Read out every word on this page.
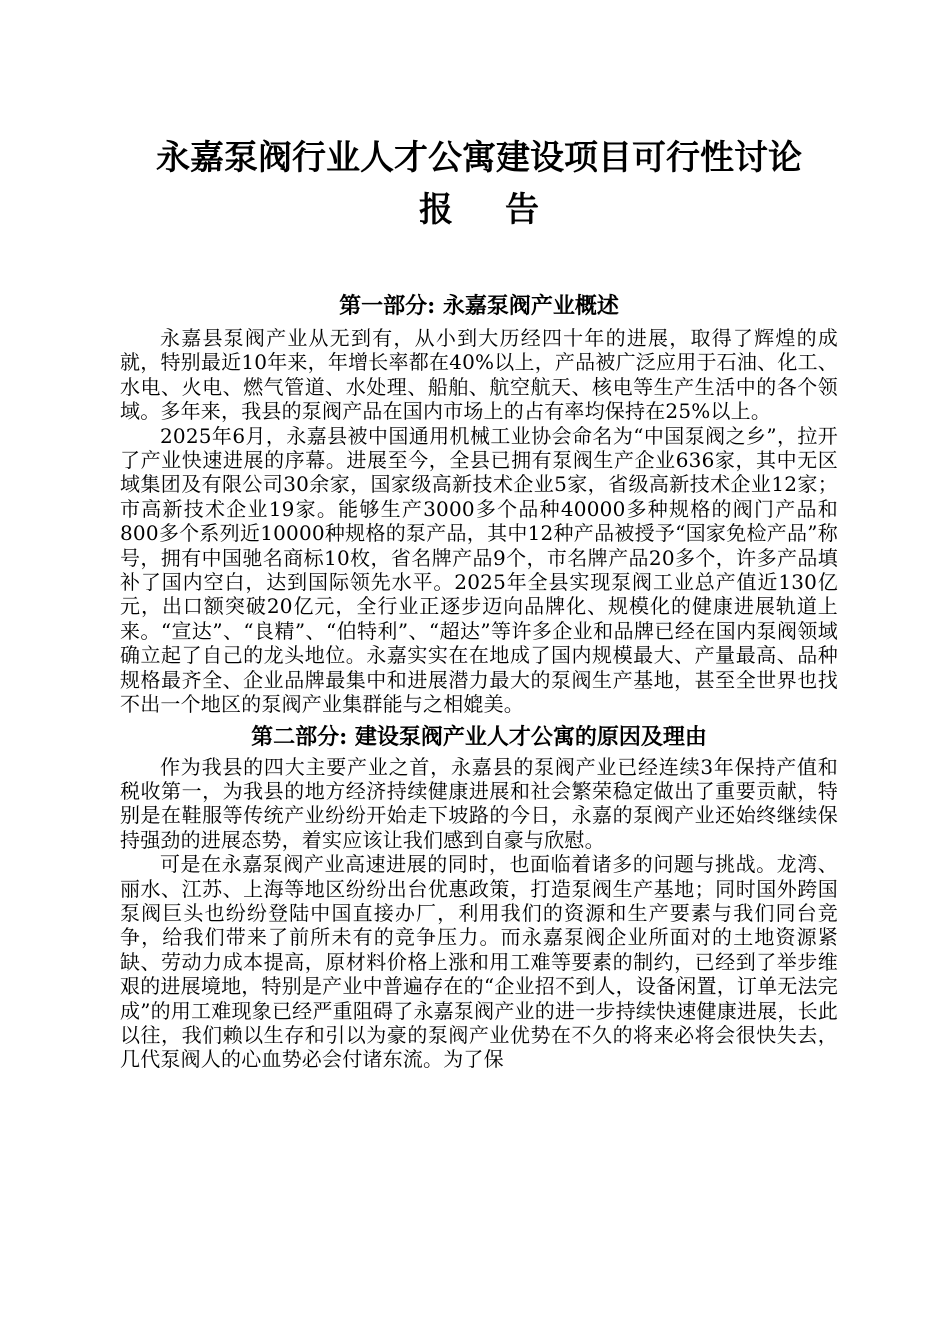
永嘉泵阀行业人才公寓建设项目可行性讨论
报告
第一部分: 永嘉泵阀产业概述

永嘉县泵阀产业从无到有，从小到大历经四十年的进展，取得了辉煌的成就，特别最近10年来，年增长率都在40%以上，产品被广泛应用于石油、化工、水电、火电、燃气管道、水处理、船舶、航空航天、核电等生产生活中的各个领域。多年来，我县的泵阀产品在国内市场上的占有率均保持在25%以上。

2025年6月，永嘉县被中国通用机械工业协会命名为“中国泵阀之乡”，拉开了产业快速进展的序幕。进展至今，全县已拥有泵阀生产企业636家，其中无区域集团及有限公司30余家，国家级高新技术企业5家，省级高新技术企业12家；市高新技术企业19家。能够生产3000多个品种40000多种规格的阀门产品和800多个系列近10000种规格的泵产品，其中12种产品被授予“国家免检产品”称号，拥有中国驰名商标10枚，省名牌产品9个，市名牌产品20多个，许多产品填补了国内空白，达到国际领先水平。2025年全县实现泵阀工业总产值近130亿元，出口额突破20亿元，全行业正逐步迈向品牌化、规模化的健康进展轨道上来。“宣达”、“良精”、“伯特利”、“超达”等许多企业和品牌已经在国内泵阀领域确立起了自己的龙头地位。永嘉实实在在地成了国内规模最大、产量最高、品种规格最齐全、企业品牌最集中和进展潜力最大的泵阀生产基地，甚至全世界也找不出一个地区的泵阀产业集群能与之相媲美。

第二部分: 建设泵阀产业人才公寓的原因及理由

作为我县的四大主要产业之首，永嘉县的泵阀产业已经连续3年保持产值和税收第一，为我县的地方经济持续健康进展和社会繁荣稳定做出了重要贡献，特别是在鞋服等传统产业纷纷开始走下坡路的今日，永嘉的泵阀产业还始终继续保持强劲的进展态势，着实应该让我们感到自豪与欣慰。

可是在永嘉泵阀产业高速进展的同时，也面临着诸多的问题与挑战。龙湾、丽水、江苏、上海等地区纷纷出台优惠政策，打造泵阀生产基地；同时国外跨国泵阀巨头也纷纷登陆中国直接办厂，利用我们的资源和生产要素与我们同台竞争，给我们带来了前所未有的竞争压力。而永嘉泵阀企业所面对的土地资源紧缺、劳动力成本提高，原材料价格上涨和用工难等要素的制约，已经到了举步维艰的进展境地，特别是产业中普遍存在的“企业招不到人，设备闲置，订单无法完成”的用工难现象已经严重阻碍了永嘉泵阀产业的进一步持续快速健康进展，长此以往，我们赖以生存和引以为豪的泵阀产业优势在不久的将来必将会很快失去，几代泵阀人的心血势必会付诸东流。为了保
